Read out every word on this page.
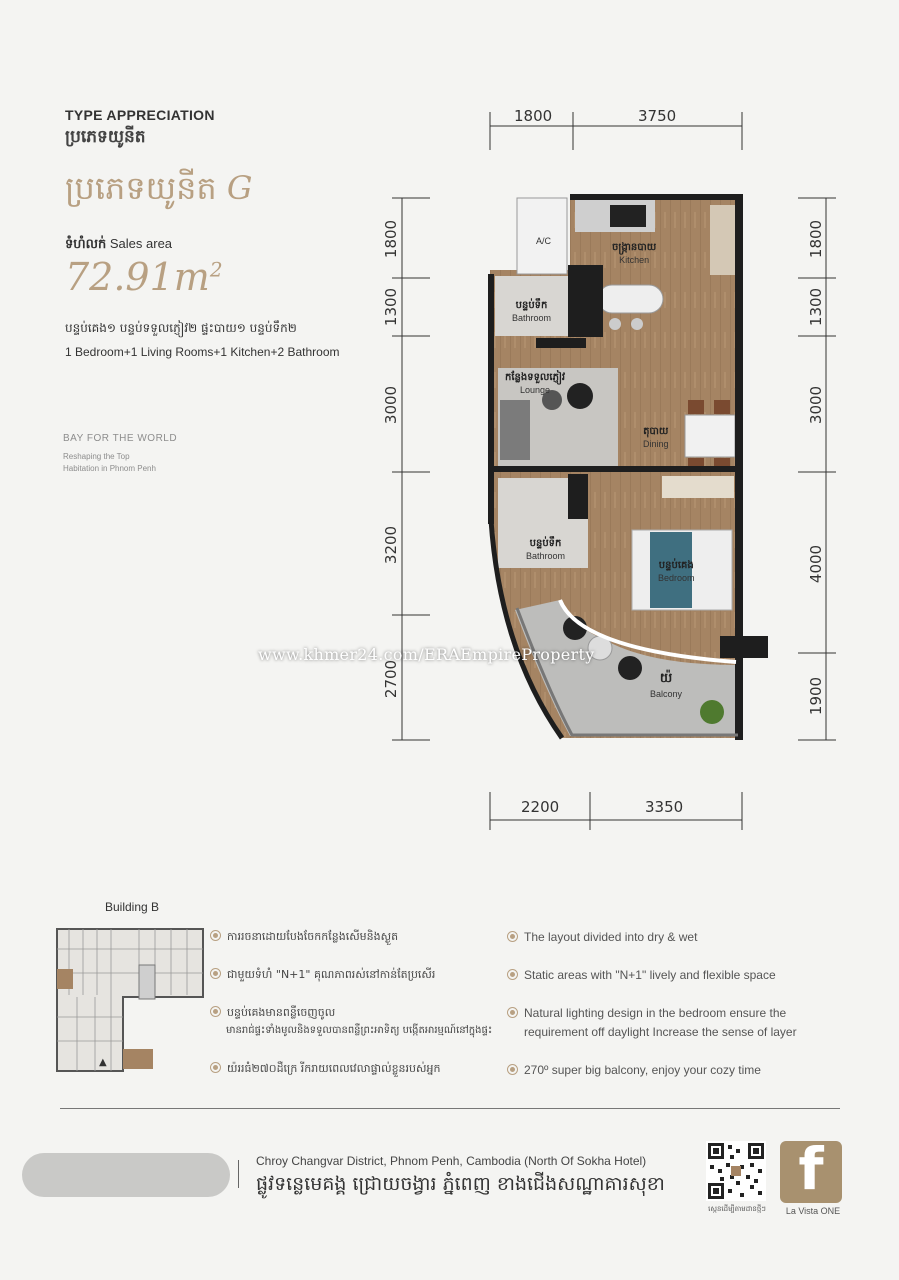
TYPE APPRECIATION
ប្រភេទយូនីត
ប្រភេទយូនីត G
ទំហំលក់ Sales area
$72.91m^2$
បន្ទប់គេង១ បន្ទប់ទទួលភ្ញៀវ២ ផ្ទះបាយ១ បន្ទប់ទឹក២
1 Bedroom+1 Living Rooms+1 Kitchen+2 Bathroom
BAY FOR THE WORLD
Reshaping the Top
Habitation in Phnom Penh
1800	3750
2200	3350
1800
1300
3000
3200
2700
1800
1300
3000
4000
1900
A/C
ចង្ក្រានបាយ
Kitchen
បន្ទប់ទឹក
Bathroom
កន្លែងទទួលភ្ញៀវ
Lounge
តុបាយ
Dining
បន្ទប់ទឹក
Bathroom
បន្ទប់គេង
Bedroom
យ៉
Balcony
www.khmer24.com/ERAEmpireProperty
Building B
▲
ការរចនាដោយបែងចែកកន្លែងសើមនិងស្ងួត
ជាមួយទំហំ "N+1" គុណភាពរស់នៅកាន់តែប្រសើរ
បន្ទប់គេងមានពន្លឺចេញចូល
មានរាជ់ផ្ទះទាំងមូលនិងទទួលបានពន្លឺព្រះអាទិត្យ បង្កើតអារម្មណ៍នៅក្នុងផ្ទះ
យ៉ររធំ២៧០ដឺក្រេ រីករាយពេលវេលាផ្ទាល់ខ្លួនរបស់អ្នក
The layout divided into dry & wet
Static areas with "N+1" lively and flexible space
Natural lighting design in the bedroom ensure the
requirement off daylight Increase the sense of layer
270º super big balcony, enjoy your cozy time
Chroy Changvar District, Phnom Penh, Cambodia (North Of Sokha Hotel)
ផ្លូវទន្លេមេគង្គ ជ្រោយចង្វារ ភ្នំពេញ ខាងជើងសណ្ឋាគារសុខា
ស្កេនដើម្បីតាមដានថ្មីៗ
f
La Vista ONE
